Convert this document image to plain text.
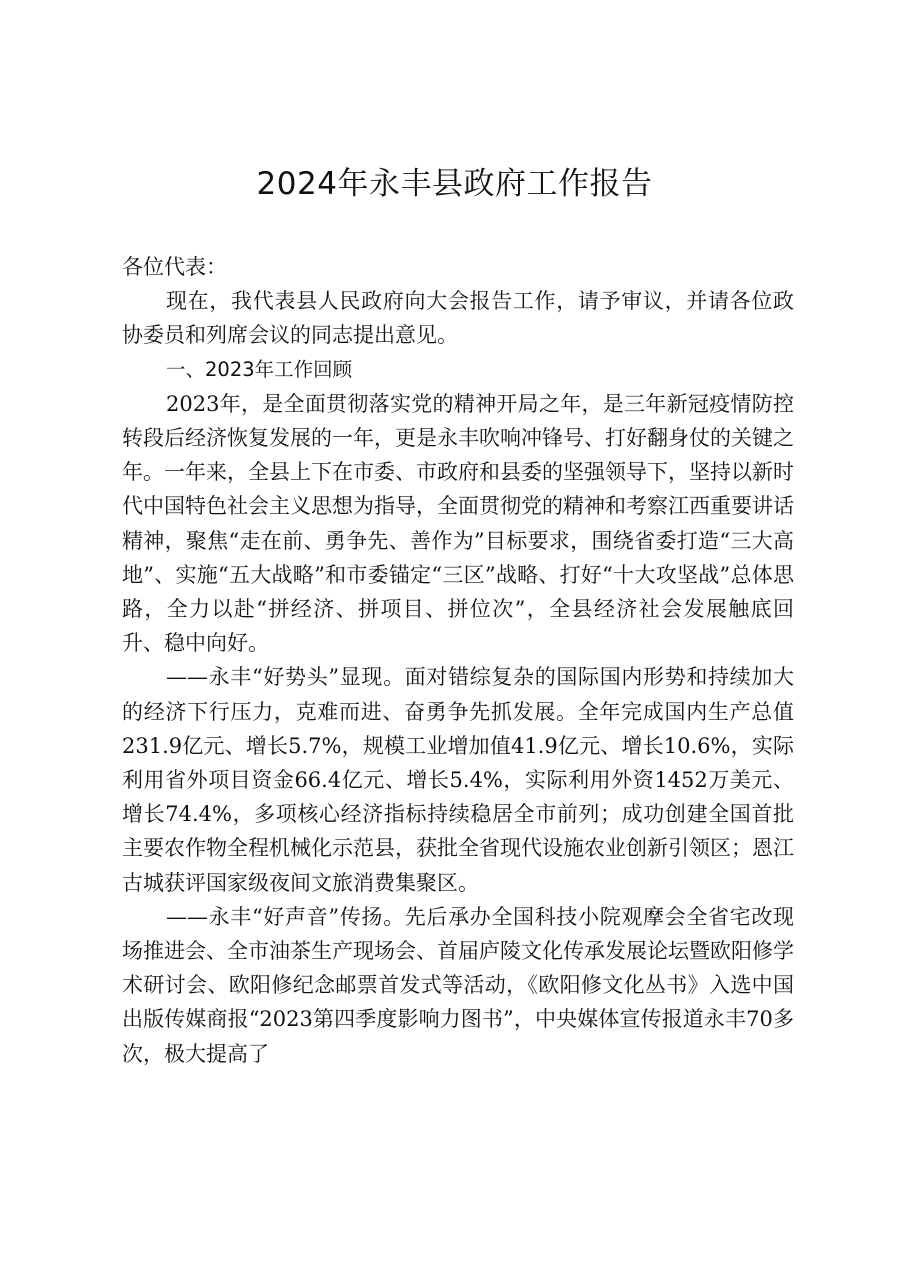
2024年永丰县政府工作报告

各位代表：

现在，我代表县人民政府向大会报告工作，请予审议，并请各位政协委员和列席会议的同志提出意见。

一、2023年工作回顾

2023年，是全面贯彻落实党的精神开局之年，是三年新冠疫情防控转段后经济恢复发展的一年，更是永丰吹响冲锋号、打好翻身仗的关键之年。一年来，全县上下在市委、市政府和县委的坚强领导下，坚持以新时代中国特色社会主义思想为指导，全面贯彻党的精神和考察江西重要讲话精神，聚焦“走在前、勇争先、善作为”目标要求，围绕省委打造“三大高地”、实施“五大战略”和市委锚定“三区”战略、打好“十大攻坚战”总体思路，全力以赴“拼经济、拼项目、拼位次”，全县经济社会发展触底回升、稳中向好。

——永丰“好势头”显现。面对错综复杂的国际国内形势和持续加大的经济下行压力，克难而进、奋勇争先抓发展。全年完成国内生产总值231.9亿元、增长5.7%，规模工业增加值41.9亿元、增长10.6%，实际利用省外项目资金66.4亿元、增长5.4%，实际利用外资1452万美元、增长74.4%，多项核心经济指标持续稳居全市前列；成功创建全国首批主要农作物全程机械化示范县，获批全省现代设施农业创新引领区；恩江古城获评国家级夜间文旅消费集聚区。

——永丰“好声音”传扬。先后承办全国科技小院观摩会全省宅改现场推进会、全市油茶生产现场会、首届庐陵文化传承发展论坛暨欧阳修学术研讨会、欧阳修纪念邮票首发式等活动，《欧阳修文化丛书》入选中国出版传媒商报“2023第四季度影响力图书”，中央媒体宣传报道永丰70多次，极大提高了
